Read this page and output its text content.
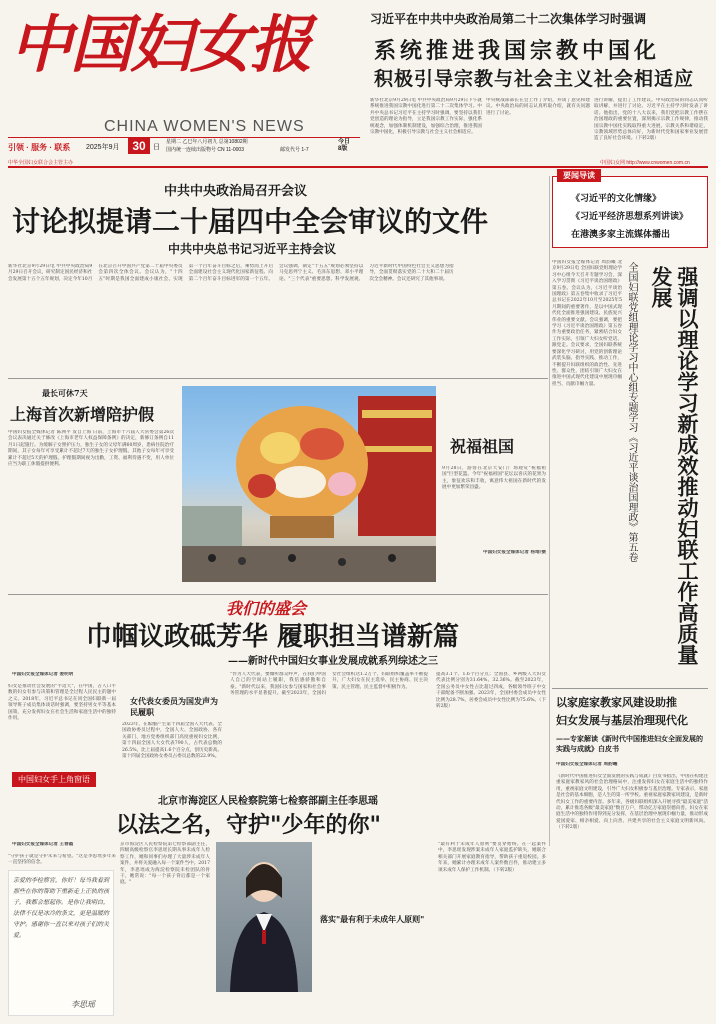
中国妇女报
CHINA WOMEN'S NEWS
引领 · 服务 · 联系 2025年9月	30	日
星期二 乙巳年八月初九 总第10802期
国内统一连续出版物号 CN 11-0003	邮发代号 1-7
今日 8版
中华全国妇女联合会主管主办	中国妇女网 http://www.cnwomen.com.cn
习近平在中共中央政治局第二十二次集体学习时强调
系统推进我国宗教中国化
积极引导宗教与社会主义社会相适应
新华社北京9月29日电 中共中央政治局9月29日下午就系统推进我国宗教中国化进行第二十二次集体学习。中共中央总书记习近平在主持学习时强调，要坚持以我们党创造的理论为指导，立足我国宗教工作实际，强化系统观念，加强体制机制建设，加强综合治理，推进我国宗教中国化，积极引导宗教与社会主义社会相适应。
中央统战部部长在会上作了介绍，并谈了意见和建议。中央政治局的同志认真听取介绍，就有关问题进行了讨论。
进行讲解，提出了工作建议。中央政治局的同志认真听取讲解，并进行了讨论。习近平在主持学习时发表了讲话。他指出，党的十八大以来，我们党把宗教工作摆在治国理政的重要位置，深刻揭示宗教工作规律，推动我国宗教中国化实践取得重大进展，宗教关系和谐稳定，宗教领域形势总体向好，为新时代党和国家事业发展营造了良好社会环境。（下转2版）
中共中央政治局召开会议
讨论拟提请二十届四中全会审议的文件
中共中央总书记习近平主持会议
新华社北京9月29日电 中共中央政治局9月29日召开会议，研究制定国民经济和社会发展第十五个五年规划，决定今年10月在北京召开中国共产党第二十届中央委员会第四次全体会议。会议认为，"十四五"时期是我国全面建成小康社会、实现第一个百年奋斗目标之后，乘势而上开启全面建设社会主义现代化国家新征程、向第二个百年奋斗目标进军的第一个五年。会议强调，制定"十五五"规划必须坚持以马克思列宁主义、毛泽东思想、邓小平理论、"三个代表"重要思想、科学发展观、习近平新时代中国特色社会主义思想为指导，全面贯彻落实党的二十大和二十届历次全会精神。会议还研究了其他事项。
要闻导读
《习近平的文化情缘》
《习近平经济思想系列讲读》
在港澳多家主流媒体播出
中国妇女报全媒体记者 周韵曦 北京9月29日电 全国妇联党组理论学习中心组今天召开专题学习会，深入学习贯彻《习近平谈治国理政》第五卷。会议认为，《习近平谈治国理政》第五卷集中收录了习近平总书记在2022年10月至2025年5月期间的重要著作，是以中国式现代化全面推进强国建设、民族复兴伟业的重要文献。会议强调，要把学习《习近平谈治国理政》第五卷作为重要政治任务，紧密结合妇女工作实际，引领广大妇女听党话、跟党走。会议要求，全国妇联系统要深化学习研讨，用党的创新理论武装头脑、指导实践、推动工作，不断提升妇联组织的政治性、先进性、群众性，团结引领广大妇女在推进中国式现代化建设中展现巾帼担当、贡献巾帼力量。	强调以理论学习新成效推动妇联工作高质量发展
全国妇联党组理论学习中心组专题学习《习近平谈治国理政》第五卷
最长可休7天
上海首次新增陪护假
中国妇女报全媒体记者 陈洲平 发自上海 日前，上海市十六届人大常委会第26次会议表决通过关于修改《上海市老年人权益保障条例》的决定，新修订条例自11月1日起施行。为缓解子女照护压力，独生子女的父母年满60周岁，患病住院治疗期间，其子女每年可享受累计不超过7天的独生子女护理假。其他子女每年可享受累计不超过5天的护理假。护理假期间视为出勤，工资、福利待遇不变，用人单位应当为职工休假提供便利。
祝福祖国
9月28日，游客在北京天安门广场观赏"祝福祖国"巨型花篮。今年"祝福祖国"花坛以喜庆的花果为主，象征欢乐和丰收，寓意伟大祖国在新时代的发展中更加繁荣昌盛。
中国妇女报全媒体记者 杨靖/摄
我们的盛会
巾帼议政砥芳华 履职担当谱新篇
——新时代中国妇女事业发展成就系列综述之三
中国妇女报全媒体记者 姜明明
妇女是推动社会发展的"半边天"，在中国，占人口半数的妇女有参与决策和管理是全过程人民民主的题中之义。2018年，习近平总书记在同全国妇联新一届领导班子成员集体谈话时强调，要坚持男女平等基本国策，充分发挥妇女在社会生活和家庭生活中的独特作用。
2023年，在酝酿产生第十四届全国人大代表、全国政协委员过程中，全国人大、全国政协、各有关部门、地方党委组织部门高度重视妇女比例，第十四届全国人大女代表790人，占代表总数的26.5%，比上届提高1.6个百分点，创历史新高。第十四届全国政协女委员占委员总数的22.9%。
女代表女委员为国发声为民履职
"作为人大代表，要倾听群众呼声，在我们中国人自己的空间站上履职，我倍感骄傲和自豪。"新时代以来，我国妇女参与国家和社会事务管理的水平显著提升。截至2023年，全国妇女社会组织达1.2万个，妇联组织覆盖率不断提升，广大妇女在民主选举、民主协商、民主决策、民主管理、民主监督中积极作为。
提高3.1个、1.6个百分点；全国县、乡两级人大妇女代表比例分别为31.64%、32.36%。截至2023年，全国公务员中女性占比超过四成，各级领导班子中女干部配备不断加强。2023年，全国村委会成员中女性比例为28.7%，居委会成员中女性比例为75.6%。（下转2版）
中国妇女手上角窗语
北京市海淀区人民检察院第七检察部副主任李思瑶
以法之名，守护"少年的你"
中国妇女报全媒体记者 王春霞
"守护孩子就是守护未来与希望。"这是李思瑶多年来一直坚持的信念。
亲爱的李检察官，你好！每当我看到那些在你的帮助下重新走上正轨的孩子，我都会想起你。是你让我明白，法律不仅是冰冷的条文，更是温暖的守护。感谢你一直以来对孩子们的关爱。
李思瑶
京市海淀区人民检察院第七检察部副主任，四级高级检察官李思瑶长期从事未成年人检察工作，她和同事们办理了大量涉未成年人案件，并将关爱融入每一个案件当中。2017年，李思瑶成为海淀检察院未检团队的骨干，她常说："每一个孩子背后都是一个家庭。"
落实"最有利于未成年人原则"
"最有利于未成年人原则"要贯穿始终。在一起案件中，李思瑶发现涉案未成年人家庭监护缺失，她联合相关部门开展家庭教育指导，帮助孩子重返校园。多年来，她累计办理未成年人案件数百件，推动建立多项未成年人保护工作机制。（下转2版）
以家庭家教家风建设助推
妇女发展与基层治理现代化
——专家解读《新时代中国推进妇女全面发展的实践与成就》白皮书
中国妇女报全媒体记者 周韵曦
《新时代中国推进妇女全面发展的实践与成就》白皮书指出，中国在构建注重家庭家教家风的社会治理格局中，注重发挥妇女在家庭生活中的独特作用，重视家庭文明建设，引导广大妇女积极参与基层治理。专家表示，家庭是社会的基本细胞，是人生的第一所学校。重视家庭家教家风建设，是新时代妇女工作的重要内容。多年来，各级妇联组织深入开展寻找"最美家庭"活动，累计推选各级"最美家庭"数百万户，带动亿万家庭崇德向善。妇女在家庭生活中的独特作用得到充分发挥，在基层治理中展现巾帼力量，推动形成爱国爱家、相亲相爱、向上向善、共建共享的社会主义家庭文明新风尚。（下转2版）
